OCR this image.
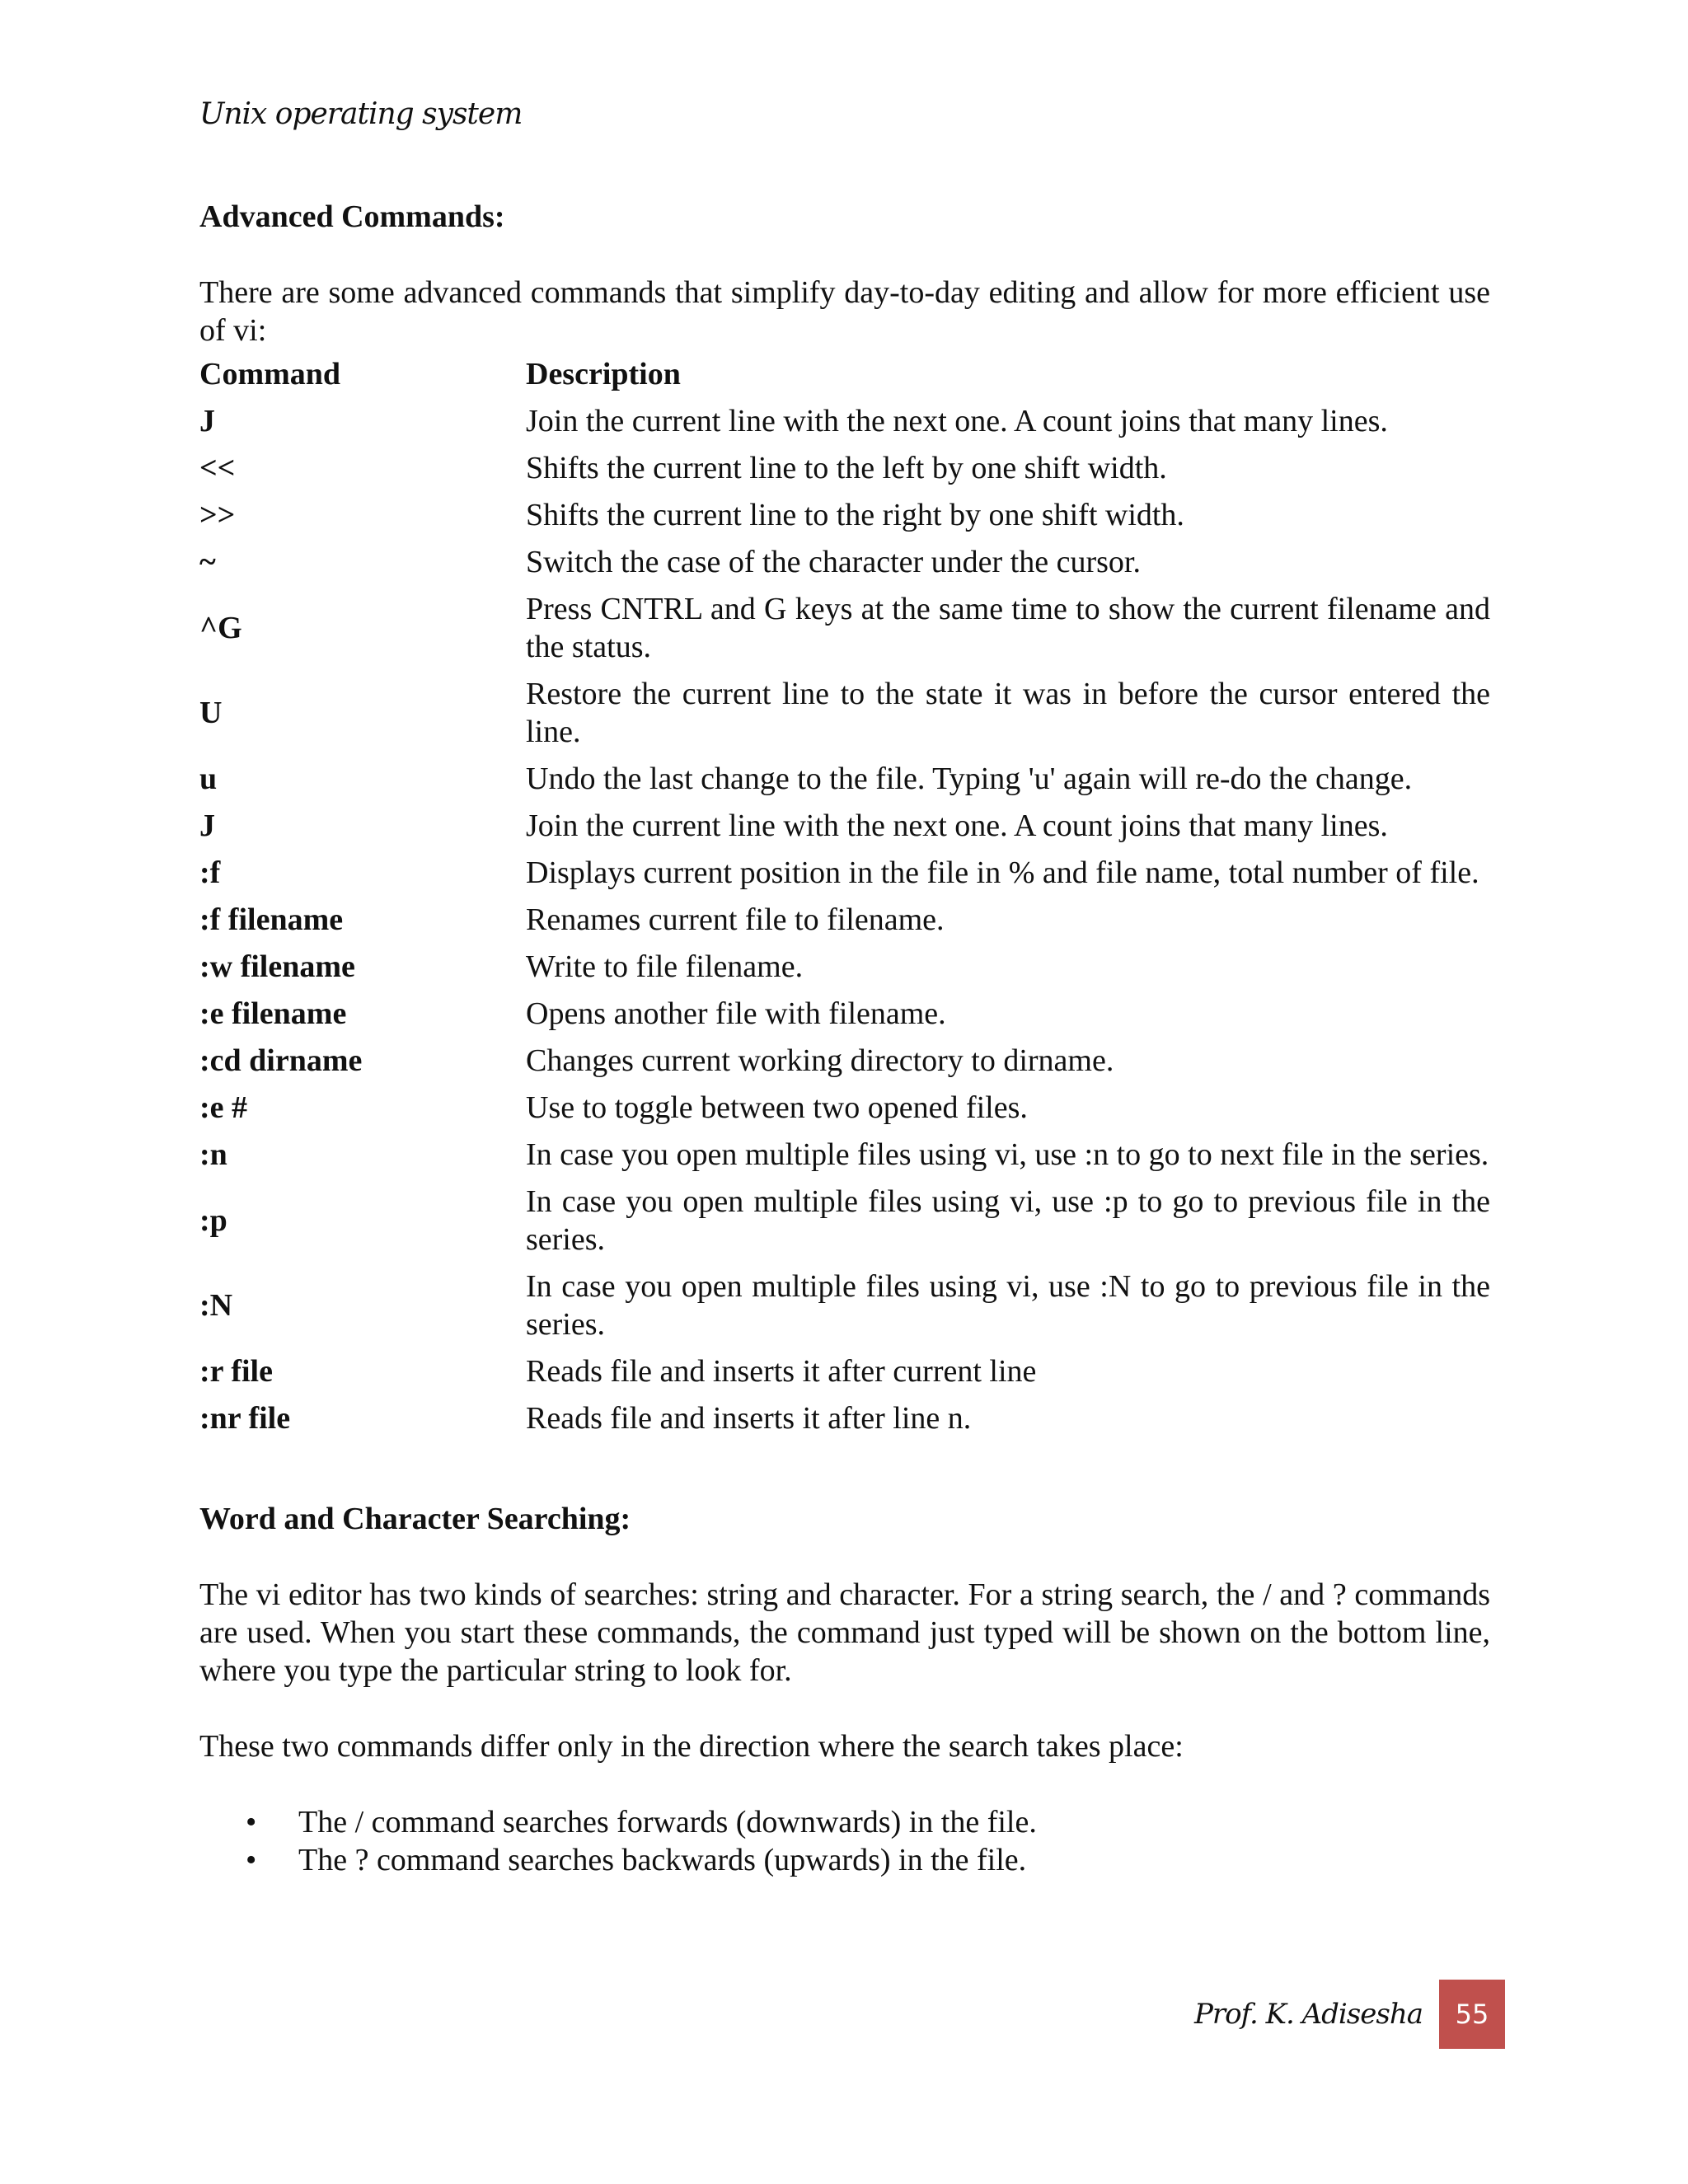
Unix operating system

Advanced Commands:

There are some advanced commands that simplify day-to-day editing and allow for more efficient use of vi:

Command	Description
J	Join the current line with the next one. A count joins that many lines.
<<	Shifts the current line to the left by one shift width.
>>	Shifts the current line to the right by one shift width.
~	Switch the case of the character under the cursor.
^G	Press CNTRL and G keys at the same time to show the current filename and the status.
U	Restore the current line to the state it was in before the cursor entered the line.
u	Undo the last change to the file. Typing 'u' again will re-do the change.
J	Join the current line with the next one. A count joins that many lines.
:f	Displays current position in the file in % and file name, total number of file.
:f filename	Renames current file to filename.
:w filename	Write to file filename.
:e filename	Opens another file with filename.
:cd dirname	Changes current working directory to dirname.
:e #	Use to toggle between two opened files.
:n	In case you open multiple files using vi, use :n to go to next file in the series.
:p	In case you open multiple files using vi, use :p to go to previous file in the series.
:N	In case you open multiple files using vi, use :N to go to previous file in the series.
:r file	Reads file and inserts it after current line
:nr file	Reads file and inserts it after line n.

Word and Character Searching:

The vi editor has two kinds of searches: string and character. For a string search, the / and ? commands are used. When you start these commands, the command just typed will be shown on the bottom line, where you type the particular string to look for.

These two commands differ only in the direction where the search takes place:

• The / command searches forwards (downwards) in the file.
• The ? command searches backwards (upwards) in the file.
Prof. K. Adisesha	55
